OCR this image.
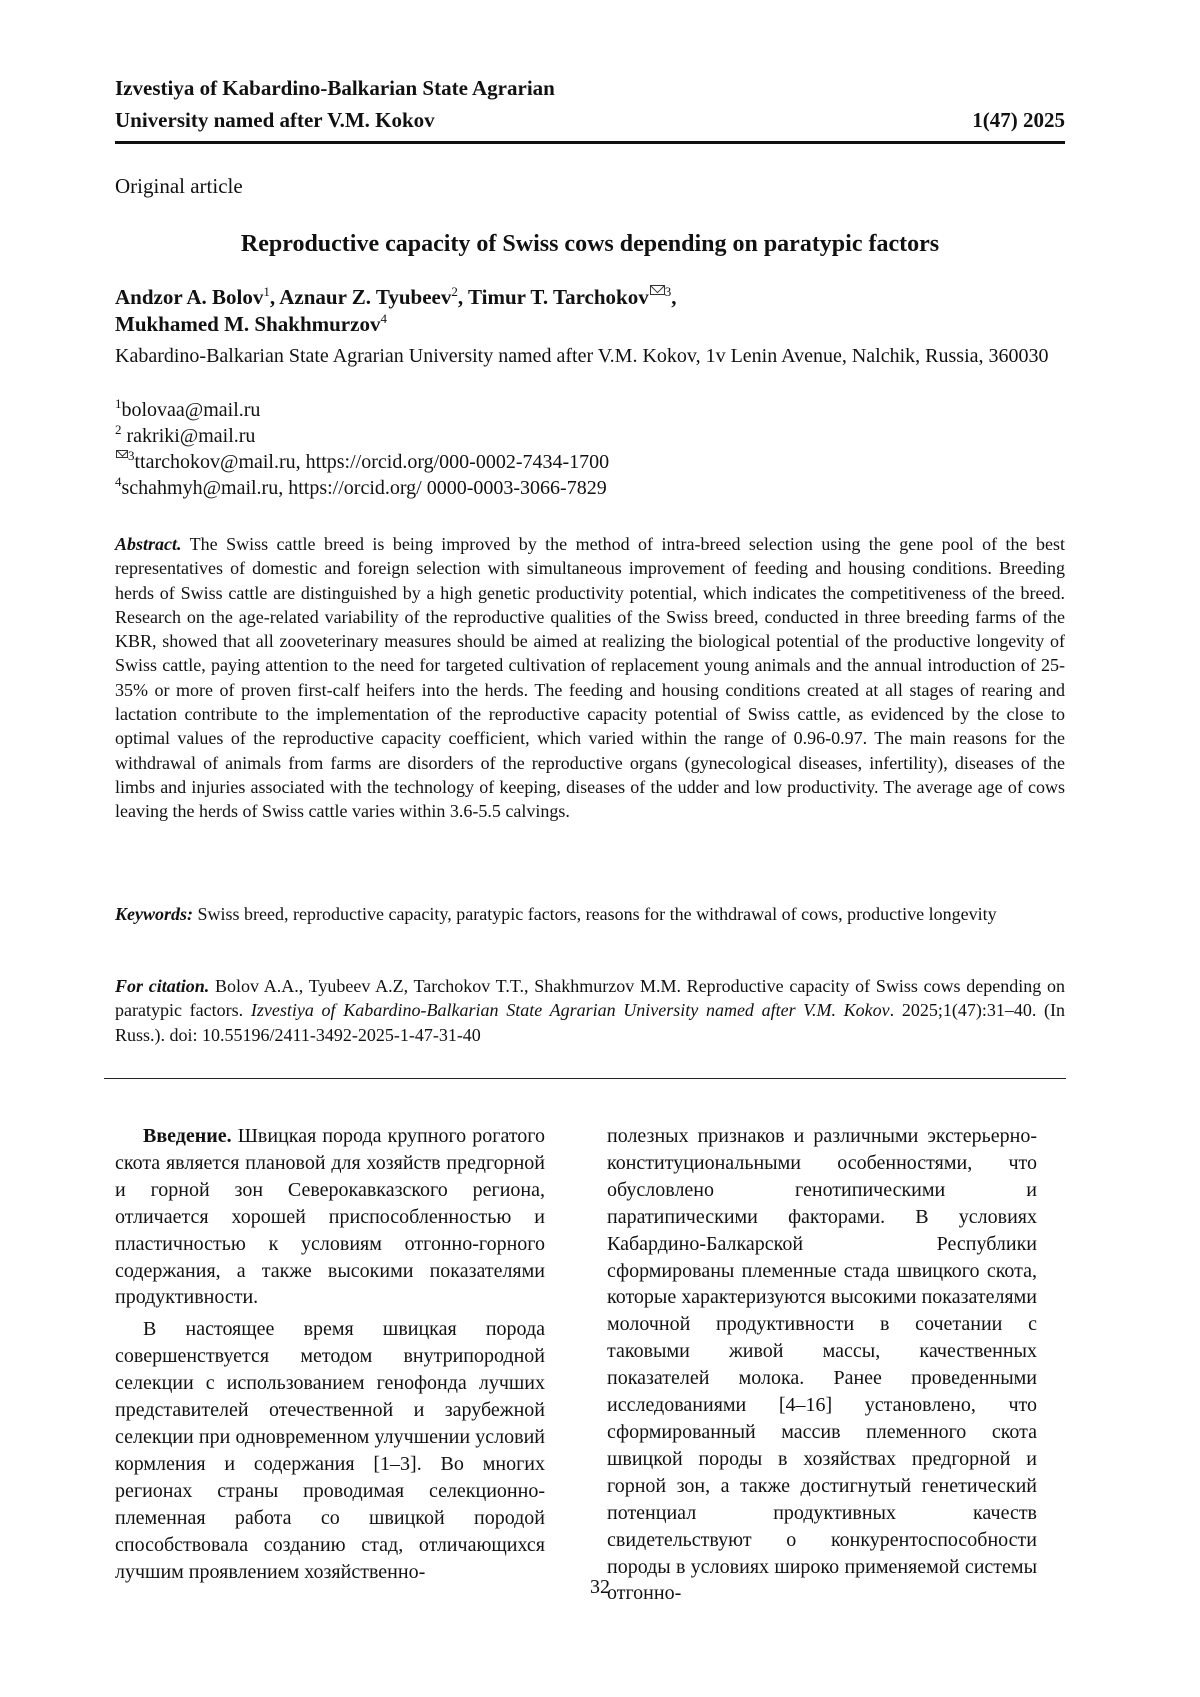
Izvestiya of Kabardino-Balkarian State Agrarian
University named after V.M. Kokov	1(47) 2025
Original article
Reproductive capacity of Swiss cows depending on paratypic factors
Andzor A. Bolov1, Aznaur Z. Tyubeev2, Timur T. Tarchokov 3,
Mukhamed M. Shakhmurzov4
Kabardino-Balkarian State Agrarian University named after V.M. Kokov, 1v Lenin Avenue, Nalchik, Russia, 360030
1bolovaa@mail.ru
2 rakriki@mail.ru
3ttarchokov@mail.ru, https://orcid.org/000-0002-7434-1700
4schahmyh@mail.ru, https://orcid.org/ 0000-0003-3066-7829
Abstract. The Swiss cattle breed is being improved by the method of intra-breed selection using the gene pool of the best representatives of domestic and foreign selection with simultaneous improvement of feeding and housing conditions. Breeding herds of Swiss cattle are distinguished by a high genetic productivity potential, which indicates the competitiveness of the breed. Research on the age-related variability of the reproductive qualities of the Swiss breed, conducted in three breeding farms of the KBR, showed that all zooveterinary measures should be aimed at realizing the biological potential of the productive longevity of Swiss cattle, paying attention to the need for targeted cultivation of replacement young animals and the annual introduction of 25-35% or more of proven first-calf heifers into the herds. The feeding and housing conditions created at all stages of rearing and lactation contribute to the implementation of the reproductive capacity potential of Swiss cattle, as evidenced by the close to optimal values of the reproductive capacity coefficient, which varied within the range of 0.96-0.97. The main reasons for the withdrawal of animals from farms are disorders of the reproductive organs (gynecological diseases, infertility), diseases of the limbs and injuries associated with the technology of keeping, diseases of the udder and low productivity. The average age of cows leaving the herds of Swiss cattle varies within 3.6-5.5 calvings.
Keywords: Swiss breed, reproductive capacity, paratypic factors, reasons for the withdrawal of cows, productive longevity
For citation. Bolov A.A., Tyubeev A.Z, Tarchokov T.T., Shakhmurzov M.M. Reproductive capacity of Swiss cows depending on paratypic factors. Izvestiya of Kabardino-Balkarian State Agrarian University named after V.M. Kokov. 2025;1(47):31–40. (In Russ.). doi: 10.55196/2411-3492-2025-1-47-31-40

Введение. Швицкая порода крупного рогатого скота является плановой для хозяйств предгорной и горной зон Северокавказского региона, отличается хорошей приспособленностью и пластичностью к условиям отгонно-горного содержания, а также высокими показателями продуктивности.

В настоящее время швицкая порода совершенствуется методом внутрипородной селекции с использованием генофонда лучших представителей отечественной и зарубежной селекции при одновременном улучшении условий кормления и содержания [1–3]. Во многих регионах страны проводимая селекционно-племенная работа со швицкой породой способствовала созданию стад, отличающихся лучшим проявлением хозяйственно-

полезных признаков и различными экстерьерно-конституциональными особенностями, что обусловлено генотипическими и паратипическими факторами. В условиях Кабардино-Балкарской Республики сформированы племенные стада швицкого скота, которые характеризуются высокими показателями молочной продуктивности в сочетании с таковыми живой массы, качественных показателей молока. Ранее проведенными исследованиями [4–16] установлено, что сформированный массив племенного скота швицкой породы в хозяйствах предгорной и горной зон, а также достигнутый генетический потенциал продуктивных качеств свидетельствуют о конкурентоспособности породы в условиях широко применяемой системы отгонно-

32
